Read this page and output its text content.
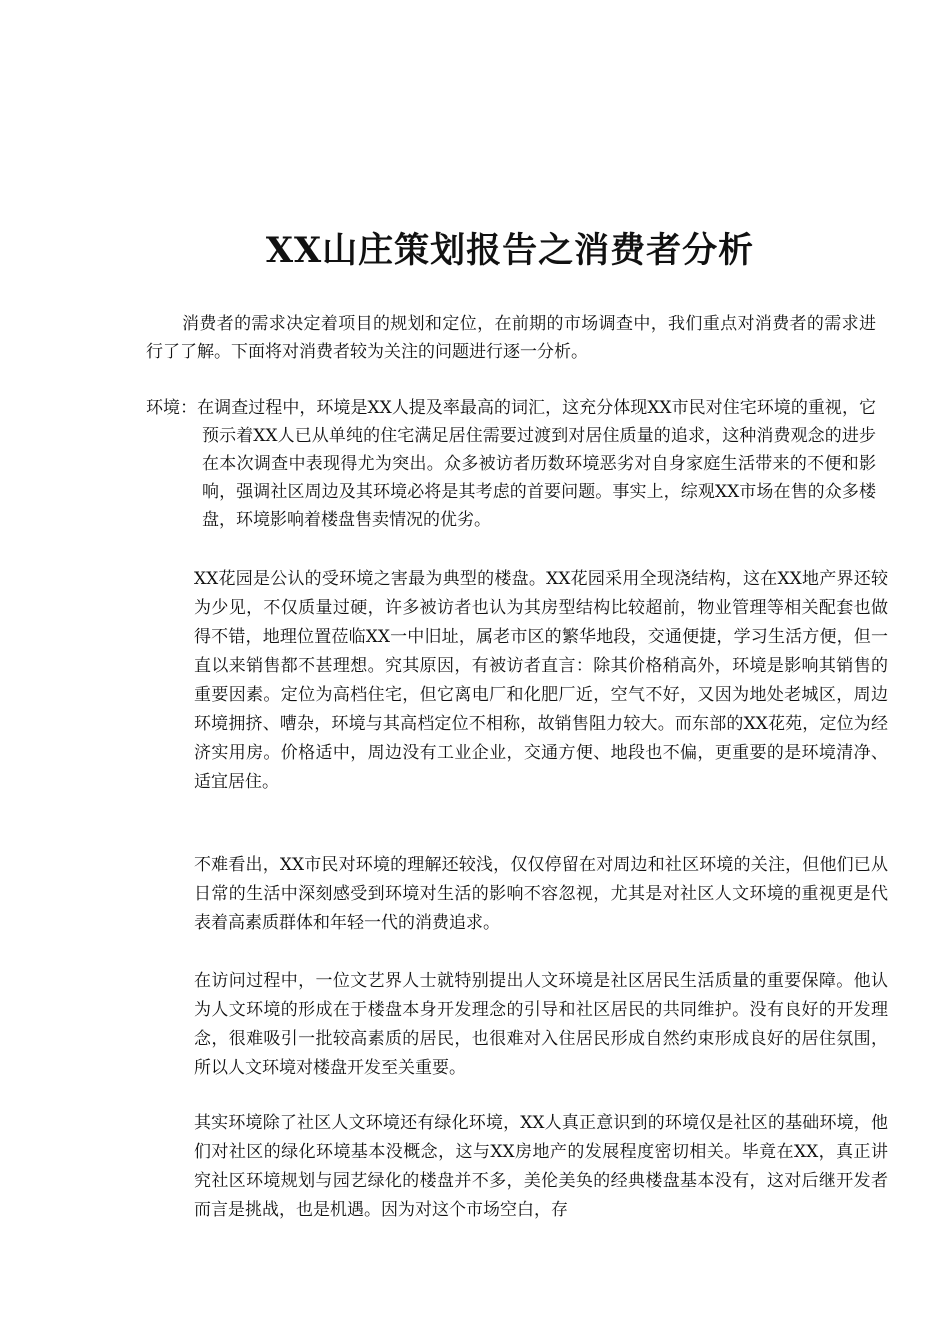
XX山庄策划报告之消费者分析

消费者的需求决定着项目的规划和定位，在前期的市场调查中，我们重点对消费者的需求进行了了解。下面将对消费者较为关注的问题进行逐一分析。

环境：在调查过程中，环境是XX人提及率最高的词汇，这充分体现XX市民对住宅环境的重视，它预示着XX人已从单纯的住宅满足居住需要过渡到对居住质量的追求，这种消费观念的进步在本次调查中表现得尤为突出。众多被访者历数环境恶劣对自身家庭生活带来的不便和影响，强调社区周边及其环境必将是其考虑的首要问题。事实上，综观XX市场在售的众多楼盘，环境影响着楼盘售卖情况的优劣。

XX花园是公认的受环境之害最为典型的楼盘。XX花园采用全现浇结构，这在XX地产界还较为少见，不仅质量过硬，许多被访者也认为其房型结构比较超前，物业管理等相关配套也做得不错，地理位置莅临XX一中旧址，属老市区的繁华地段，交通便捷，学习生活方便，但一直以来销售都不甚理想。究其原因，有被访者直言：除其价格稍高外，环境是影响其销售的重要因素。定位为高档住宅，但它离电厂和化肥厂近，空气不好，又因为地处老城区，周边环境拥挤、嘈杂，环境与其高档定位不相称，故销售阻力较大。而东部的XX花苑，定位为经济实用房。价格适中，周边没有工业企业，交通方便、地段也不偏，更重要的是环境清净、适宜居住。

不难看出，XX市民对环境的理解还较浅，仅仅停留在对周边和社区环境的关注，但他们已从日常的生活中深刻感受到环境对生活的影响不容忽视，尤其是对社区人文环境的重视更是代表着高素质群体和年轻一代的消费追求。

在访问过程中，一位文艺界人士就特别提出人文环境是社区居民生活质量的重要保障。他认为人文环境的形成在于楼盘本身开发理念的引导和社区居民的共同维护。没有良好的开发理念，很难吸引一批较高素质的居民，也很难对入住居民形成自然约束形成良好的居住氛围，所以人文环境对楼盘开发至关重要。

其实环境除了社区人文环境还有绿化环境，XX人真正意识到的环境仅是社区的基础环境，他们对社区的绿化环境基本没概念，这与XX房地产的发展程度密切相关。毕竟在XX，真正讲究社区环境规划与园艺绿化的楼盘并不多，美伦美奂的经典楼盘基本没有，这对后继开发者而言是挑战，也是机遇。因为对这个市场空白，存
